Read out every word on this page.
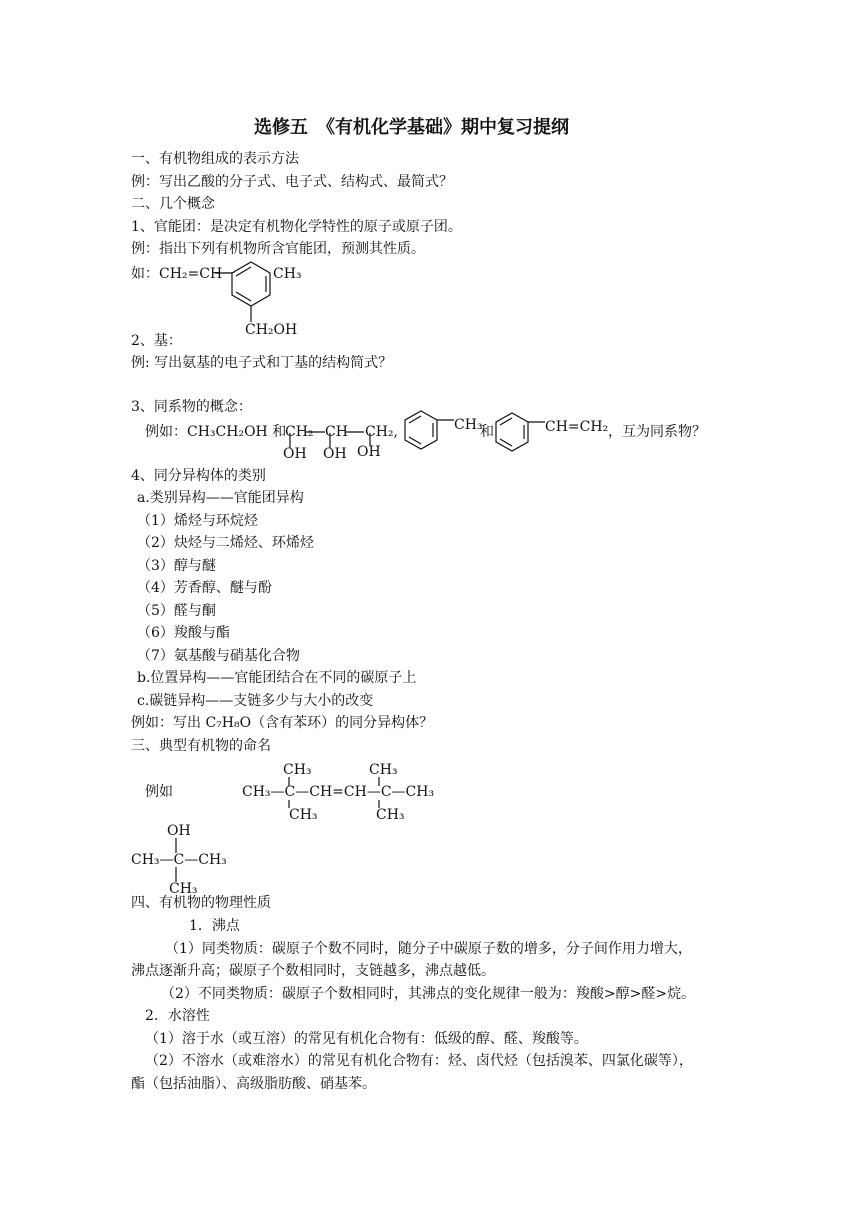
选修五　《有机化学基础》期中复习提纲
一、有机物组成的表示方法
例：写出乙酸的分子式、电子式、结构式、最简式？
二、几个概念
1、官能团：是决定有机物化学特性的原子或原子团。
例：指出下列有机物所含官能团，预测其性质。
如：CH₂=CH－	CH₃
CH₂OH
2、基：
例: 写出氨基的电子式和丁基的结构简式？
3、同系物的概念：
例如：CH₃CH₂OH 和
CH₂ CH CH₂,
OH OH OH
CH₃
和	CH=CH₂ ，互为同系物？
4、同分异构体的类别
a.类别异构——官能团异构
（1）烯烃与环烷烃
（2）炔烃与二烯烃、环烯烃
（3）醇与醚
（4）芳香醇、醚与酚
（5）醛与酮
（6）羧酸与酯
（7）氨基酸与硝基化合物
b.位置异构——官能团结合在不同的碳原子上
c.碳链异构——支链多少与大小的改变
例如：写出 C₇H₈O（含有苯环）的同分异构体？
三、典型有机物的命名
CH₃	CH₃
例如	CH₃—C—CH=CH—C—CH₃
CH₃	CH₃
OH
CH₃—C—CH₃
CH₃
四、有机物的物理性质
1．沸点
（1）同类物质：碳原子个数不同时，随分子中碳原子数的增多，分子间作用力增大，
沸点逐渐升高；碳原子个数相同时，支链越多，沸点越低。
（2）不同类物质：碳原子个数相同时，其沸点的变化规律一般为：羧酸>醇>醛>烷。
2．水溶性
（1）溶于水（或互溶）的常见有机化合物有：低级的醇、醛、羧酸等。
（2）不溶水（或难溶水）的常见有机化合物有：烃、卤代烃（包括溴苯、四氯化碳等），
酯（包括油脂）、高级脂肪酸、硝基苯。
